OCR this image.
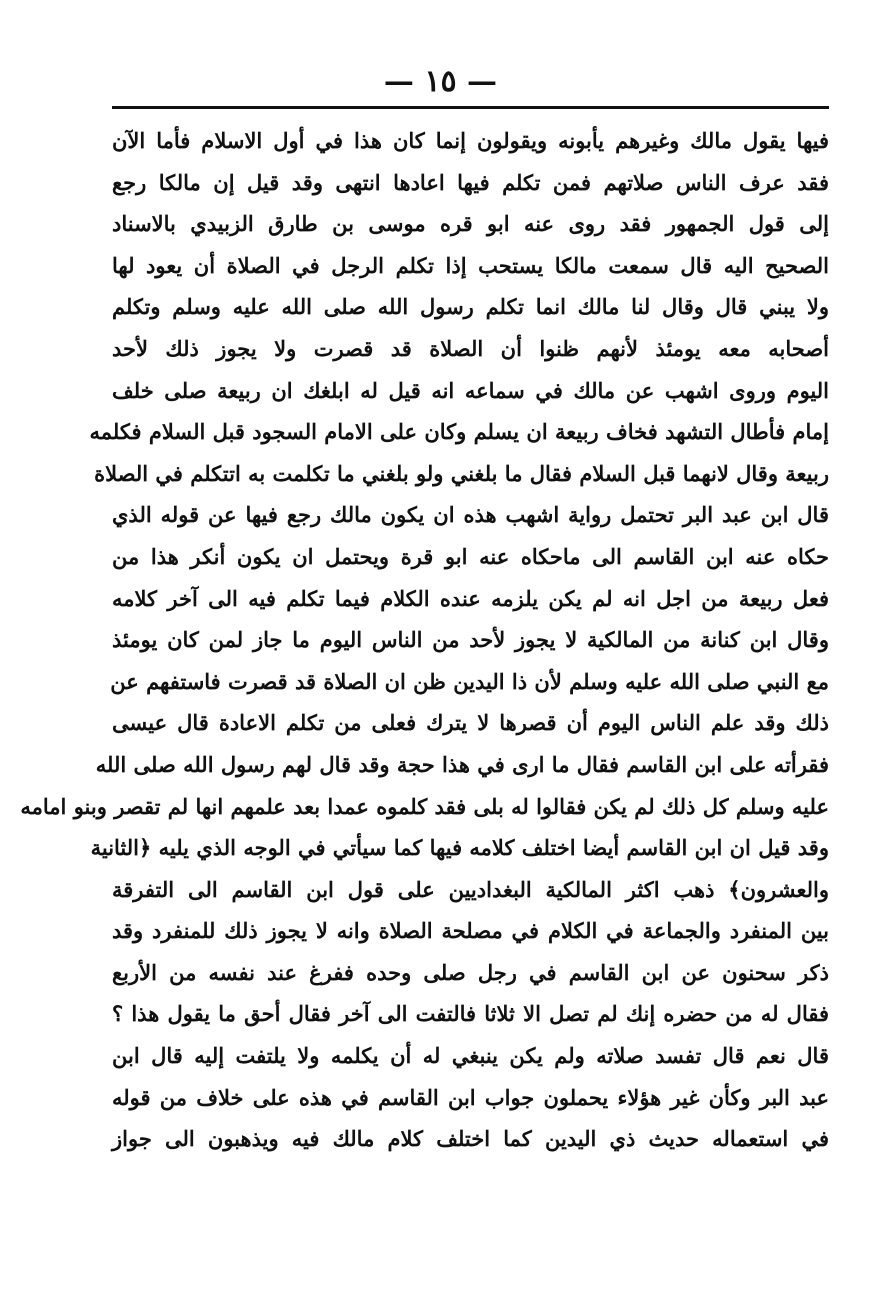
— ١٥ —
فيها يقول مالك وغيرهم يأبونه ويقولون إنما كان هذا في أول الاسلام فأما الآن
فقد عرف الناس صلاتهم فمن تكلم فيها اعادها انتهى وقد قيل إن مالكا رجع
إلى قول الجمهور فقد روى عنه ابو قره موسى بن طارق الزبيدي بالاسناد
الصحيح اليه قال سمعت مالكا يستحب إذا تكلم الرجل في الصلاة أن يعود لها
ولا يبني قال وقال لنا مالك انما تكلم رسول الله صلى الله عليه وسلم وتكلم
أصحابه معه يومئذ لأنهم ظنوا أن الصلاة قد قصرت ولا يجوز ذلك لأحد
اليوم وروى اشهب عن مالك في سماعه انه قيل له ابلغك ان ربيعة صلى خلف
إمام فأطال التشهد فخاف ربيعة ان يسلم وكان على الامام السجود قبل السلام فكلمه
ربيعة وقال لانهما قبل السلام فقال ما بلغني ولو بلغني ما تكلمت به اتتكلم في الصلاة
قال ابن عبد البر تحتمل رواية اشهب هذه ان يكون مالك رجع فيها عن قوله الذي
حكاه عنه ابن القاسم الى ماحكاه عنه ابو قرة ويحتمل ان يكون أنكر هذا من
فعل ربيعة من اجل انه لم يكن يلزمه عنده الكلام فيما تكلم فيه الى آخر كلامه
وقال ابن كنانة من المالكية لا يجوز لأحد من الناس اليوم ما جاز لمن كان يومئذ
مع النبي صلى الله عليه وسلم لأن ذا اليدين ظن ان الصلاة قد قصرت فاستفهم عن
ذلك وقد علم الناس اليوم أن قصرها لا يترك فعلى من تكلم الاعادة قال عيسى
فقرأته على ابن القاسم فقال ما ارى في هذا حجة وقد قال لهم رسول الله صلى الله
عليه وسلم كل ذلك لم يكن فقالوا له بلى فقد كلموه عمدا بعد علمهم انها لم تقصر وبنو امامه
وقد قيل ان ابن القاسم أيضا اختلف كلامه فيها كما سيأتي في الوجه الذي يليه ﴿الثانية
والعشرون﴾ ذهب اكثر المالكية البغداديين على قول ابن القاسم الى التفرقة
بين المنفرد والجماعة في الكلام في مصلحة الصلاة وانه لا يجوز ذلك للمنفرد وقد
ذكر سحنون عن ابن القاسم في رجل صلى وحده ففرغ عند نفسه من الأربع
فقال له من حضره إنك لم تصل الا ثلاثا فالتفت الى آخر فقال أحق ما يقول هذا ؟
قال نعم قال تفسد صلاته ولم يكن ينبغي له أن يكلمه ولا يلتفت إليه قال ابن
عبد البر وكأن غير هؤلاء يحملون جواب ابن القاسم في هذه على خلاف من قوله
في استعماله حديث ذي اليدين كما اختلف كلام مالك فيه ويذهبون الى جواز
